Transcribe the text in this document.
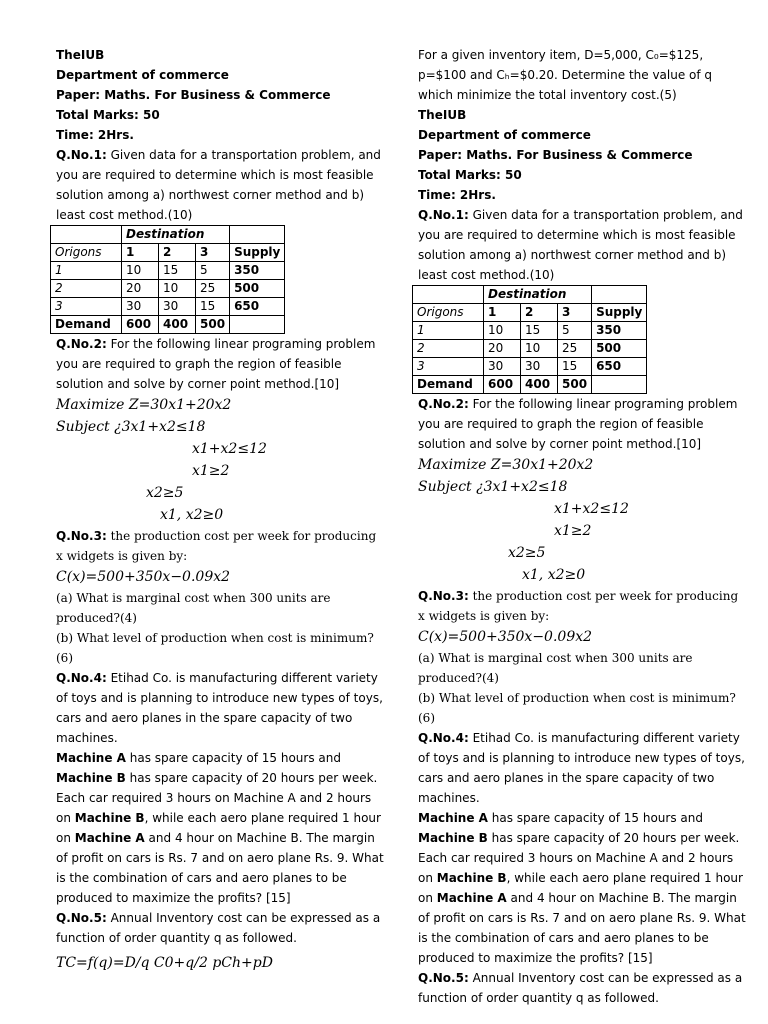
TheIUB

Department of commerce

Paper: Maths. For Business & Commerce

Total Marks: 50

Time: 2Hrs.

Q.No.1: Given data for a transportation problem, and you are required to determine which is most feasible solution among a) northwest corner method and b) least cost method.(10)

	Destination			
Origons	1	2	3	Supply
1	10	15	5	350
2	20	10	25	500
3	30	30	15	650
Demand	600	400	500	

Q.No.2: For the following linear programing problem you are required to graph the region of feasible solution and solve by corner point method.[10]

Maximize Z=30x1+20x2
Subject ¿3x1+x2≤18
x1+x2≤12
x1≥2
x2≥5
x1, x2≥0

Q.No.3: the production cost per week for producing x widgets is given by:

C(x)=500+350x−0.09x2

(a) What is marginal cost when 300 units are produced?(4)

(b) What level of production when cost is minimum?(6)

Q.No.4: Etihad Co. is manufacturing different variety of toys and is planning to introduce new types of toys, cars and aero planes in the spare capacity of two machines.

Machine A has spare capacity of 15 hours and Machine B has spare capacity of 20 hours per week. Each car required 3 hours on Machine A and 2 hours on Machine B, while each aero plane required 1 hour on Machine A and 4 hour on Machine B. The margin of profit on cars is Rs. 7 and on aero plane Rs. 9. What is the combination of cars and aero planes to be produced to maximize the profits? [15]

Q.No.5: Annual Inventory cost can be expressed as a function of order quantity q as followed.

TC=f(q)=D/q C0+q/2 pCh+pD

For a given inventory item, D=5,000, C₀=$125, p=$100 and Cₕ=$0.20. Determine the value of q which minimize the total inventory cost.(5)

TheIUB

Department of commerce

Paper: Maths. For Business & Commerce

Total Marks: 50

Time: 2Hrs.

Q.No.1: Given data for a transportation problem, and you are required to determine which is most feasible solution among a) northwest corner method and b) least cost method.(10)

	Destination			
Origons	1	2	3	Supply
1	10	15	5	350
2	20	10	25	500
3	30	30	15	650
Demand	600	400	500	

Q.No.2: For the following linear programing problem you are required to graph the region of feasible solution and solve by corner point method.[10]

Maximize Z=30x1+20x2
Subject ¿3x1+x2≤18
x1+x2≤12
x1≥2
x2≥5
x1, x2≥0

Q.No.3: the production cost per week for producing x widgets is given by:

C(x)=500+350x−0.09x2

(a) What is marginal cost when 300 units are produced?(4)

(b) What level of production when cost is minimum?(6)

Q.No.4: Etihad Co. is manufacturing different variety of toys and is planning to introduce new types of toys, cars and aero planes in the spare capacity of two machines.

Machine A has spare capacity of 15 hours and Machine B has spare capacity of 20 hours per week. Each car required 3 hours on Machine A and 2 hours on Machine B, while each aero plane required 1 hour on Machine A and 4 hour on Machine B. The margin of profit on cars is Rs. 7 and on aero plane Rs. 9. What is the combination of cars and aero planes to be produced to maximize the profits? [15]

Q.No.5: Annual Inventory cost can be expressed as a function of order quantity q as followed.
